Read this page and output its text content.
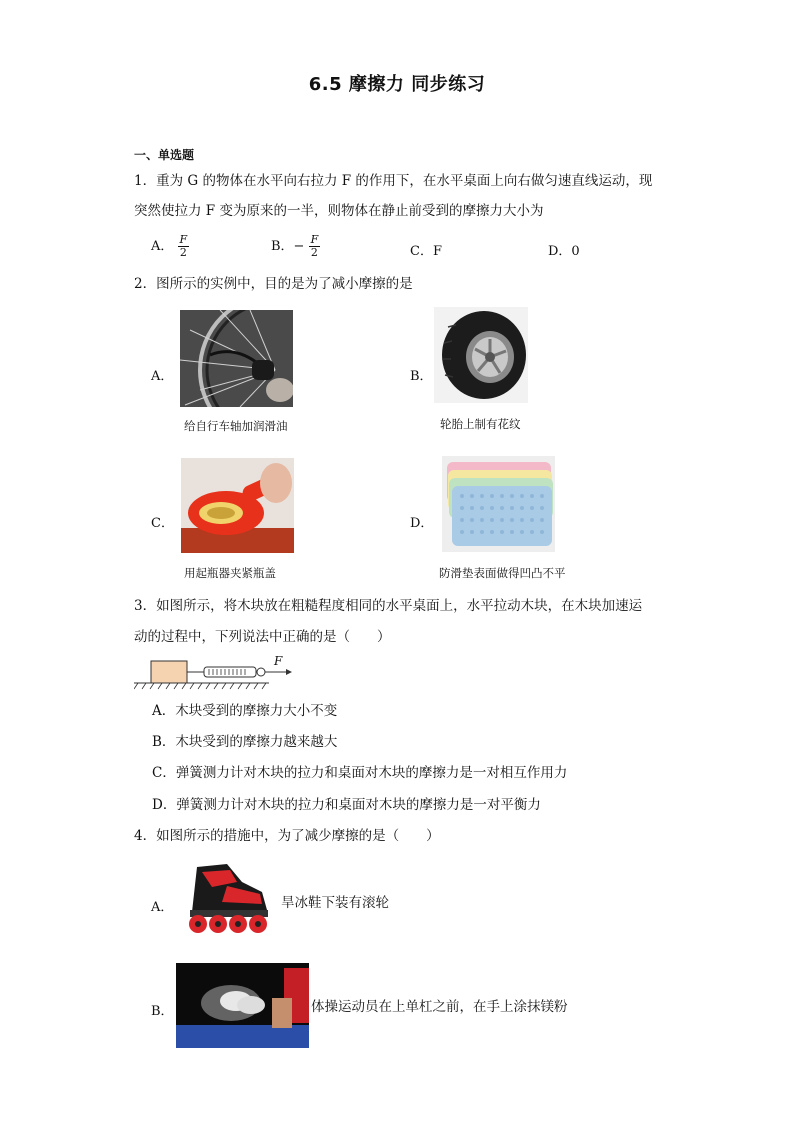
6.5 摩擦力 同步练习
一、单选题
1．重为 G 的物体在水平向右拉力 F 的作用下，在水平桌面上向右做匀速直线运动，现
突然使拉力 F 变为原来的一半，则物体在静止前受到的摩擦力大小为
A． $\frac{F}{2}$	B．− $\frac{F}{2}$	C．F	D．0
2．图所示的实例中，目的是为了减小摩擦的是
A．
给自行车轴加润滑油
B．
轮胎上制有花纹
C．
用起瓶器夹紧瓶盖
D．
防滑垫表面做得凹凸不平
3．如图所示，将木块放在粗糙程度相同的水平桌面上，水平拉动木块，在木块加速运
动的过程中，下列说法中正确的是（　　）
F
A．木块受到的摩擦力大小不变
B．木块受到的摩擦力越来越大
C．弹簧测力计对木块的拉力和桌面对木块的摩擦力是一对相互作用力
D．弹簧测力计对木块的拉力和桌面对木块的摩擦力是一对平衡力
4．如图所示的措施中，为了减少摩擦的是（　　）
A．	旱冰鞋下装有滚轮
B．	体操运动员在上单杠之前，在手上涂抹镁粉
